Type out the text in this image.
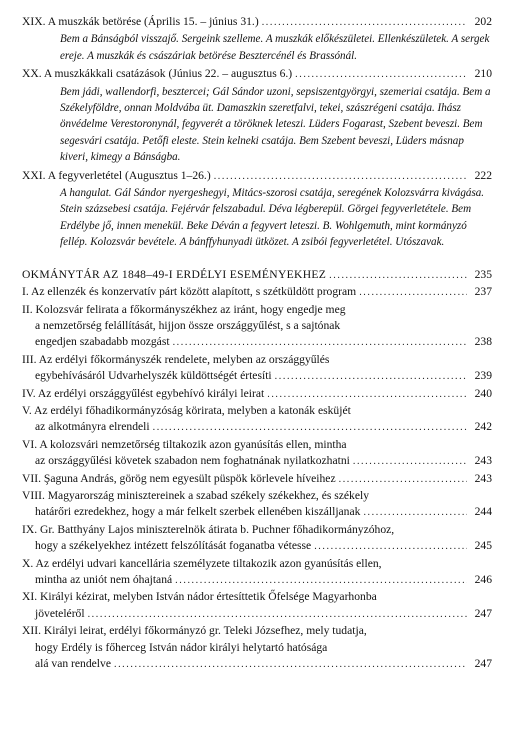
XIX. A muszkák betörése (Április 15. – június 31.) .....	202
Bem a Bánságból visszajő. Sergeink szelleme. A muszkák előkészületei. Ellenkészületek. A sergek ereje. A muszkák és császáriak betörése Besztercénél és Brassónál.
XX. A muszkákkali csatázások (Június 22. – augusztus 6.) .....	210
Bem jádi, wallendorfi, besztercei; Gál Sándor uzoni, sepsiszentgyörgyi, szemeriai csatája. Bem a Székelyföldre, onnan Moldvába üt. Damaszkin szeretfalvi, tekei, szászrégeni csatája. Ihász önvédelme Verestoronynál, fegyverét a töröknek leteszi. Lüders Fogarast, Szebent beveszi. Bem segesvári csatája. Petőfi eleste. Stein kelneki csatája. Bem Szebent beveszi, Lüders másnap kiveri, kimegy a Bánságba.
XXI. A fegyverletétel (Augusztus 1–26.) .....	222
A hangulat. Gál Sándor nyergeshegyi, Mitács-szorosi csatája, seregének Kolozsvárra kivágása. Stein százsebesi csatája. Fejérvár felszabadul. Déva légberepül. Görgei fegyverletétele. Bem Erdélybe jő, innen menekül. Beke Déván a fegyvert leteszi. B. Wohlgemuth, mint kormányzó fellép. Kolozsvár bevétele. A bánffyhunyadi ütközet. A zsibói fegyverletétel. Utószavak.
OKMÁNYTÁR AZ 1848–49-I ERDÉLYI ESEMÉNYEKHEZ .....	235
I. Az ellenzék és konzervatív párt között alapított, s szétküldött program .....	237
II. Kolozsvár felirata a főkormányszékhez az iránt, hogy engedje meg
a nemzetőrség felállítását, hijjon össze országgyűlést, s a sajtónak
engedjen szabadabb mozgást .....	238
III. Az erdélyi főkormányszék rendelete, melyben az országgyűlés
egybehívásáról Udvarhelyszék küldöttségét értesíti .....	239
IV. Az erdélyi országgyűlést egybehívó királyi leirat .....	240
V. Az erdélyi főhadikormányzóság körirata, melyben a katonák esküjét
az alkotmányra elrendeli .....	242
VI. A kolozsvári nemzetőrség tiltakozik azon gyanúsítás ellen, mintha
az országgyűlési követek szabadon nem foghatnának nyilatkozhatni .....	243
VII. Şaguna András, görög nem egyesült püspök körlevele híveihez .....	243
VIII. Magyarország minisztereinek a szabad székely székekhez, és székely
határőri ezredekhez, hogy a már felkelt szerbek ellenében kiszálljanak .....	244
IX. Gr. Batthyány Lajos miniszterelnök átirata b. Puchner főhadikormányzóhoz,
hogy a székelyekhez intézett felszólítását foganatba vétesse .....	245
X. Az erdélyi udvari kancellária személyzete tiltakozik azon gyanúsítás ellen,
mintha az uniót nem óhajtaná .....	246
XI. Királyi kézirat, melyben István nádor értesíttetik Őfelsége Magyarhonba
jöveteléről .....	247
XII. Királyi leirat, erdélyi főkormányzó gr. Teleki Józsefhez, mely tudatja,
hogy Erdély is főherceg István nádor királyi helytartó hatósága
alá van rendelve .....	247
